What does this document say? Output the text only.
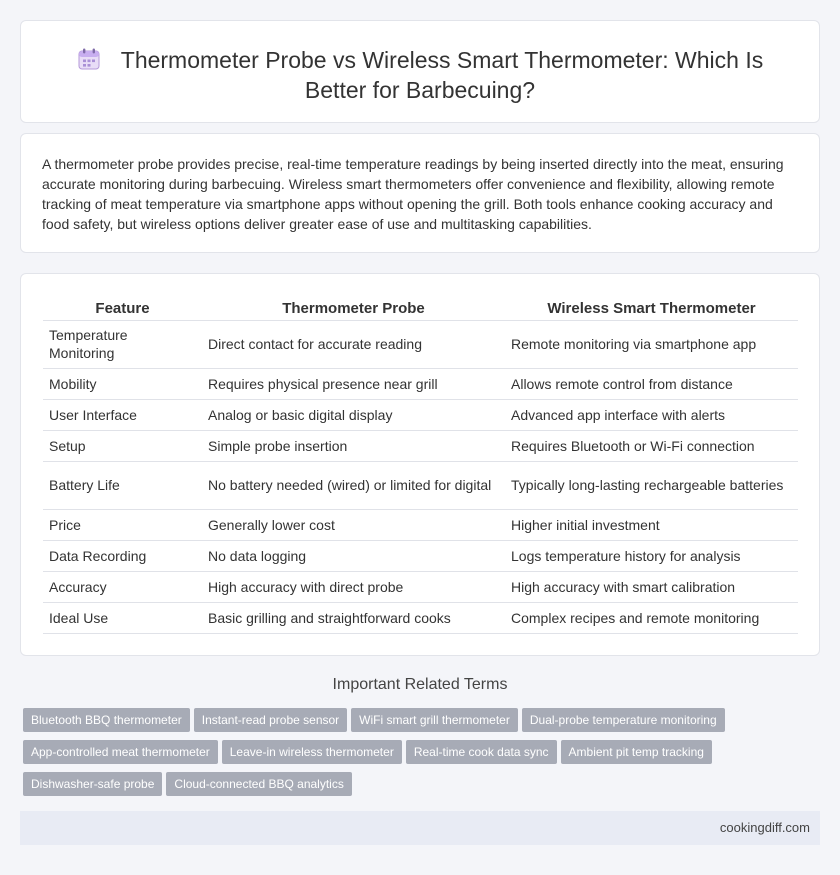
Thermometer Probe vs Wireless Smart Thermometer: Which Is
Better for Barbecuing?

A thermometer probe provides precise, real-time temperature readings by being inserted directly into the meat, ensuring accurate monitoring during barbecuing. Wireless smart thermometers offer convenience and flexibility, allowing remote tracking of meat temperature via smartphone apps without opening the grill. Both tools enhance cooking accuracy and food safety, but wireless options deliver greater ease of use and multitasking capabilities.

Feature	Thermometer Probe	Wireless Smart Thermometer
Temperature Monitoring	Direct contact for accurate reading	Remote monitoring via smartphone app
Mobility	Requires physical presence near grill	Allows remote control from distance
User Interface	Analog or basic digital display	Advanced app interface with alerts
Setup	Simple probe insertion	Requires Bluetooth or Wi-Fi connection
Battery Life	No battery needed (wired) or limited for digital	Typically long-lasting rechargeable batteries
Price	Generally lower cost	Higher initial investment
Data Recording	No data logging	Logs temperature history for analysis
Accuracy	High accuracy with direct probe	High accuracy with smart calibration
Ideal Use	Basic grilling and straightforward cooks	Complex recipes and remote monitoring
Important Related Terms
Bluetooth BBQ thermometer Instant-read probe sensor WiFi smart grill thermometer Dual-probe temperature monitoring
App-controlled meat thermometer Leave-in wireless thermometer Real-time cook data sync Ambient pit temp tracking
Dishwasher-safe probe Cloud-connected BBQ analytics
cookingdiff.com
